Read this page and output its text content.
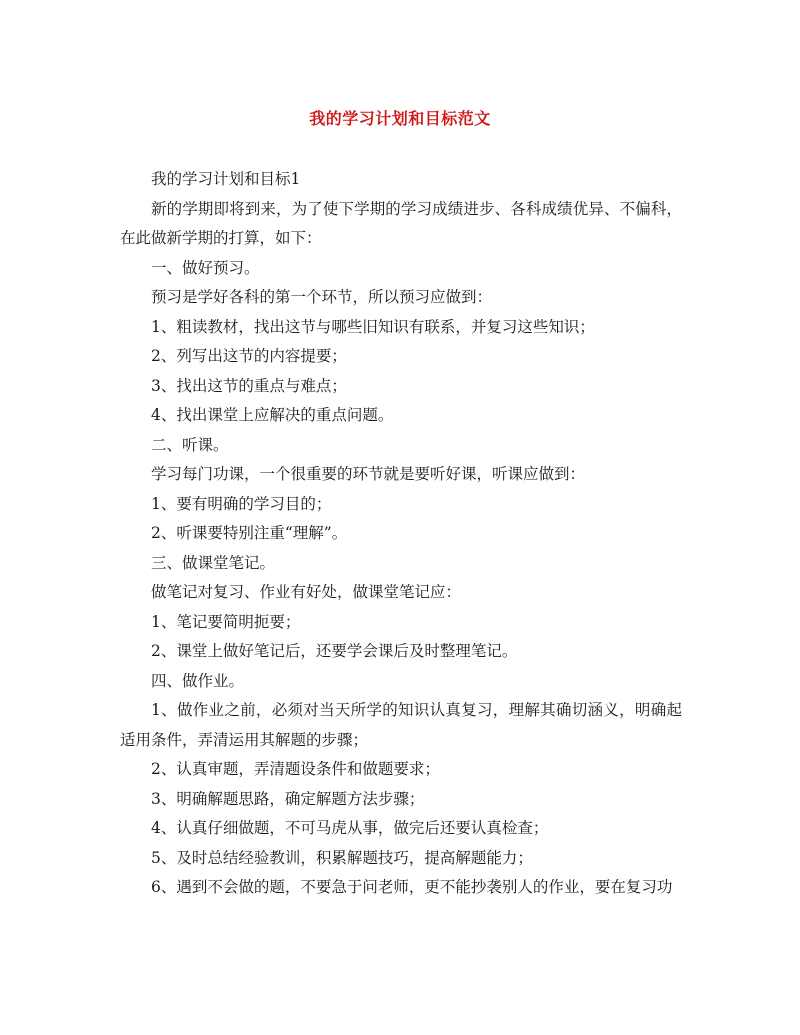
我的学习计划和目标范文

我的学习计划和目标1

新的学期即将到来，为了使下学期的学习成绩进步、各科成绩优异、不偏科，在此做新学期的打算，如下：

一、做好预习。

预习是学好各科的第一个环节，所以预习应做到：

1、粗读教材，找出这节与哪些旧知识有联系，并复习这些知识；

2、列写出这节的内容提要；

3、找出这节的重点与难点；

4、找出课堂上应解决的重点问题。

二、听课。

学习每门功课，一个很重要的环节就是要听好课，听课应做到：

1、要有明确的学习目的；

2、听课要特别注重“理解”。

三、做课堂笔记。

做笔记对复习、作业有好处，做课堂笔记应：

1、笔记要简明扼要；

2、课堂上做好笔记后，还要学会课后及时整理笔记。

四、做作业。

1、做作业之前，必须对当天所学的知识认真复习，理解其确切涵义，明确起适用条件，弄清运用其解题的步骤；

2、认真审题，弄清题设条件和做题要求；

3、明确解题思路，确定解题方法步骤；

4、认真仔细做题，不可马虎从事，做完后还要认真检查；

5、及时总结经验教训，积累解题技巧，提高解题能力；

6、遇到不会做的题，不要急于问老师，更不能抄袭别人的作业，要在复习功
